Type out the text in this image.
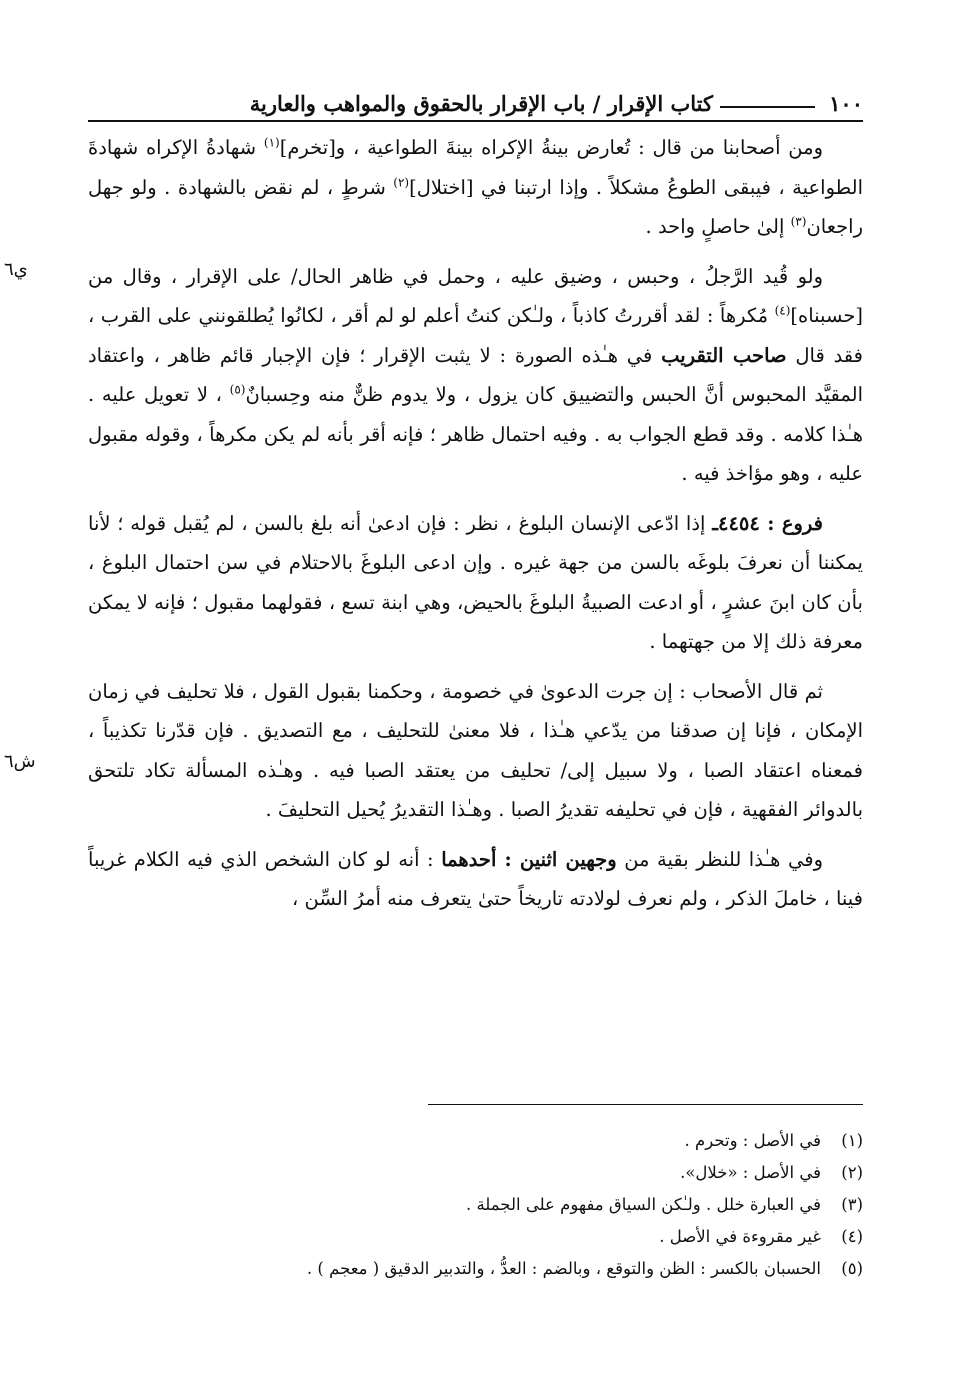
١٠٠
كتاب الإقرار / باب الإقرار بالحقوق والمواهب والعارية

ومن أصحابنا من قال : تُعارض بينةُ الإكراه بينةَ الطواعية ، و[تخرم]$^{(١)}$ شهادةُ الإكراه شهادةَ الطواعية ، فيبقى الطوعُ مشكلاً . وإذا ارتبنا في [اختلال]$^{(٢)}$ شرطٍ ، لم نقض بالشهادة . ولو جهل راجعان$^{(٣)}$ إلىٰ حاصلٍ واحد .

ي٦	ولو قُيد الرَّجلُ ، وحبس ، وضيق عليه ، وحمل في ظاهر الحال/ على الإقرار ، وقال من [حسبناه]$^{(٤)}$ مُكرهاً : لقد أقررتُ كاذباً ، ولـٰكن كنتُ أعلم لو لم أقر ، لكانُوا يُطلقونني على القرب ، فقد قال صاحب التقريب في هـٰذه الصورة : لا يثبت الإقرار ؛ فإن الإجبار قائم ظاهر ، واعتقاد المقيَّد المحبوس أنَّ الحبس والتضييق كان يزول ، ولا يدوم ظنٌّ منه وحِسبانٌ$^{(٥)}$ ، لا تعويل عليه . هـٰذا كلامه . وقد قطع الجواب به . وفيه احتمال ظاهر ؛ فإنه أقر بأنه لم يكن مكرهاً ، وقوله مقبول عليه ، وهو مؤاخذ فيه .

فروع : ٤٤٥٤ـ إذا ادّعى الإنسان البلوغ ، نظر : فإن ادعىٰ أنه بلغ بالسن ، لم يُقبل قوله ؛ لأنا يمكننا أن نعرفَ بلوغَه بالسن من جهة غيره . وإن ادعى البلوغَ بالاحتلام في سن احتمال البلوغ ، بأن كان ابنَ عشرٍ ، أو ادعت الصبيةُ البلوغَ بالحيض، وهي ابنة تسع ، فقولهما مقبول ؛ فإنه لا يمكن معرفة ذلك إلا من جهتهما .

ش٦

ثم قال الأصحاب : إن جرت الدعوىٰ في خصومة ، وحكمنا بقبول القول ، فلا تحليف في زمان الإمكان ، فإنا إن صدقنا من يدّعي هـٰذا ، فلا معنىٰ للتحليف ، مع التصديق . فإن قدّرنا تكذيباً ، فمعناه اعتقاد الصبا ، ولا سبيل إلى/ تحليف من يعتقد الصبا فيه . وهـٰذه المسألة تكاد تلتحق بالدوائر الفقهية ، فإن في تحليفه تقديرُ الصبا . وهـٰذا التقديرُ يُحيل التحليفَ .

وفي هـٰذا للنظر بقية من وجهين اثنين : أحدهما : أنه لو كان الشخص الذي فيه الكلام غريباً فينا ، خاملَ الذكر ، ولم نعرف لولادته تاريخاً حتىٰ يتعرف منه أمرُ السِّن ،

(١)في الأصل : وتحرم .
(٢)في الأصل : «خلال».
(٣)في العبارة خلل . ولـٰكن السياق مفهوم على الجملة .
(٤)غير مقروءة في الأصل .
(٥)الحسبان بالكسر : الظن والتوقع ، وبالضم : العدُّ ، والتدبير الدقيق ( معجم ) .
